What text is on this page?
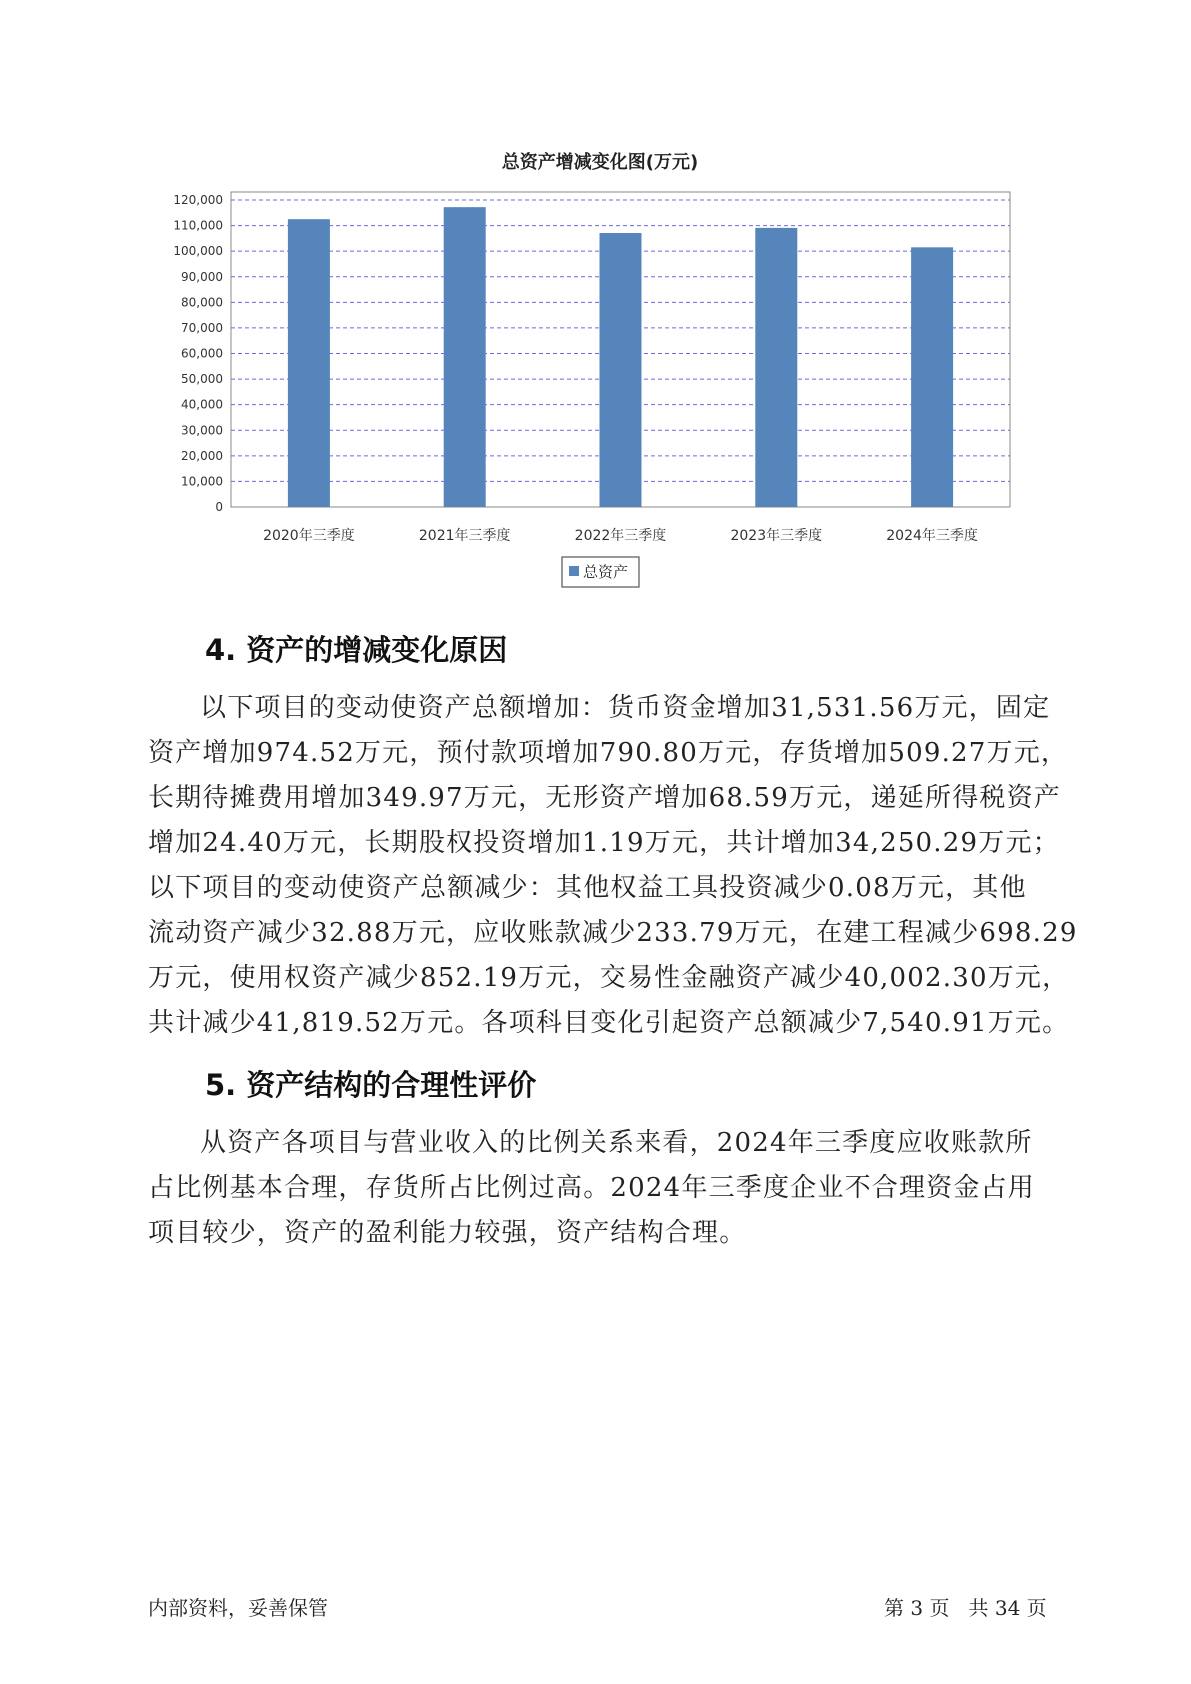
总资产增减变化图(万元)
0
10,000
20,000
30,000
40,000
50,000
60,000
70,000
80,000
90,000
100,000
110,000
120,000
2020年三季度	2021年三季度	2022年三季度	2023年三季度	2024年三季度
总资产
4. 资产的增减变化原因
以下项目的变动使资产总额增加：货币资金增加31,531.56万元，固定
资产增加974.52万元，预付款项增加790.80万元，存货增加509.27万元，
长期待摊费用增加349.97万元，无形资产增加68.59万元，递延所得税资产
增加24.40万元，长期股权投资增加1.19万元，共计增加34,250.29万元；
以下项目的变动使资产总额减少：其他权益工具投资减少0.08万元，其他
流动资产减少32.88万元，应收账款减少233.79万元，在建工程减少698.29
万元，使用权资产减少852.19万元，交易性金融资产减少40,002.30万元，
共计减少41,819.52万元。各项科目变化引起资产总额减少7,540.91万元。
5. 资产结构的合理性评价
从资产各项目与营业收入的比例关系来看，2024年三季度应收账款所
占比例基本合理，存货所占比例过高。2024年三季度企业不合理资金占用
项目较少，资产的盈利能力较强，资产结构合理。
内部资料，妥善保管	第 3 页   共 34 页
